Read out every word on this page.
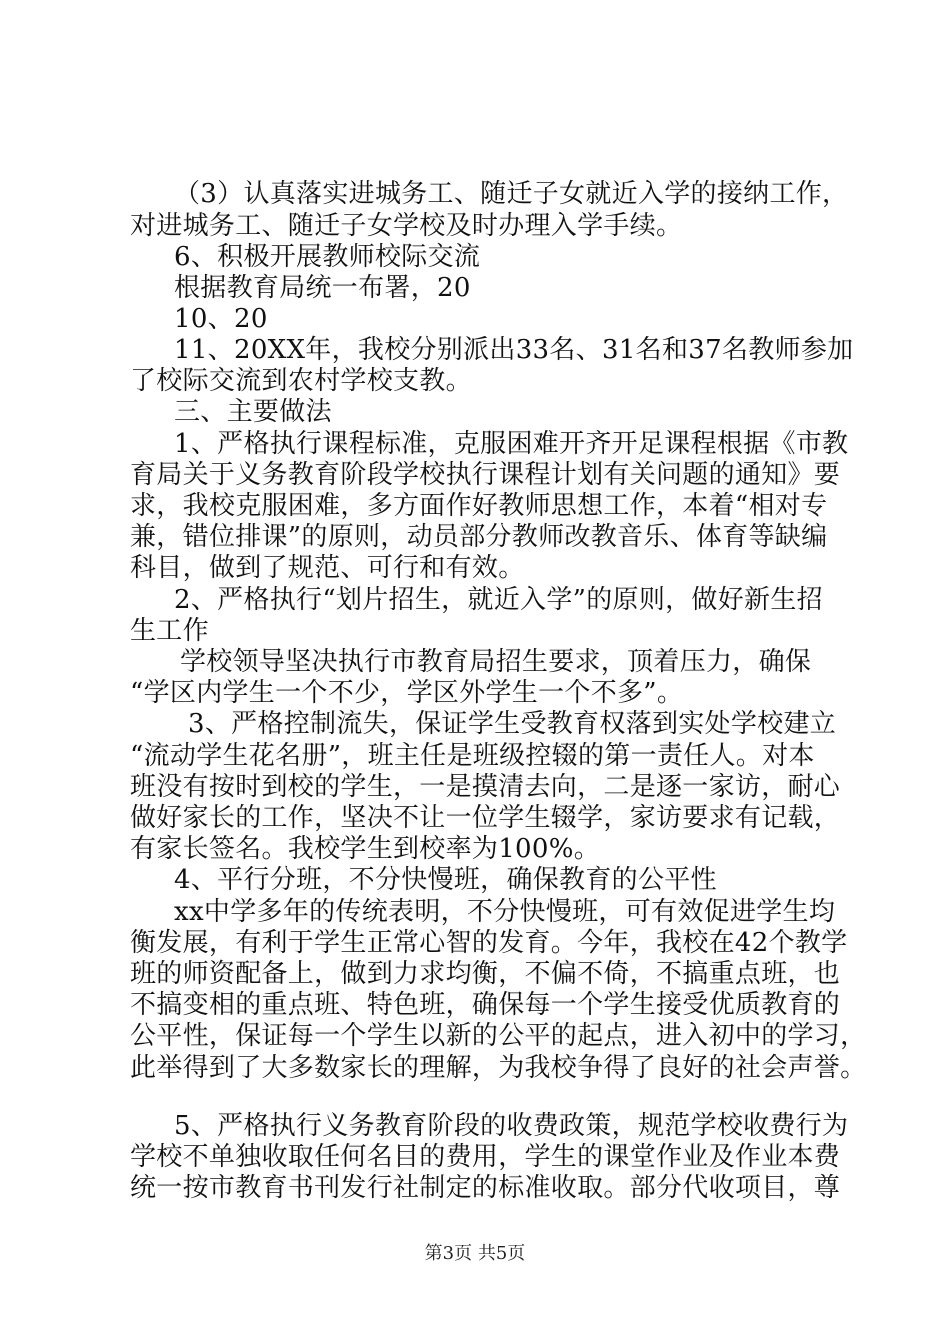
（3）认真落实进城务工、随迁子女就近入学的接纳工作，
对进城务工、随迁子女学校及时办理入学手续。
6、积极开展教师校际交流
根据教育局统一布署，20
10、20
11、20XX年，我校分别派出33名、31名和37名教师参加
了校际交流到农村学校支教。
三、主要做法
1、严格执行课程标准，克服困难开齐开足课程根据《市教
育局关于义务教育阶段学校执行课程计划有关问题的通知》要
求，我校克服困难，多方面作好教师思想工作，本着“相对专
兼，错位排课”的原则，动员部分教师改教音乐、体育等缺编
科目，做到了规范、可行和有效。
2、严格执行“划片招生，就近入学”的原则，做好新生招
生工作
学校领导坚决执行市教育局招生要求，顶着压力，确保
“学区内学生一个不少，学区外学生一个不多”。
3、严格控制流失，保证学生受教育权落到实处学校建立
“流动学生花名册”，班主任是班级控辍的第一责任人。对本
班没有按时到校的学生，一是摸清去向，二是逐一家访，耐心
做好家长的工作，坚决不让一位学生辍学，家访要求有记载，
有家长签名。我校学生到校率为100%。
4、平行分班，不分快慢班，确保教育的公平性
xx中学多年的传统表明，不分快慢班，可有效促进学生均
衡发展，有利于学生正常心智的发育。今年，我校在42个教学
班的师资配备上，做到力求均衡，不偏不倚，不搞重点班，也
不搞变相的重点班、特色班，确保每一个学生接受优质教育的
公平性，保证每一个学生以新的公平的起点，进入初中的学习，
此举得到了大多数家长的理解，为我校争得了良好的社会声誉。
5、严格执行义务教育阶段的收费政策，规范学校收费行为
学校不单独收取任何名目的费用，学生的课堂作业及作业本费
统一按市教育书刊发行社制定的标准收取。部分代收项目，尊
第3页 共5页
